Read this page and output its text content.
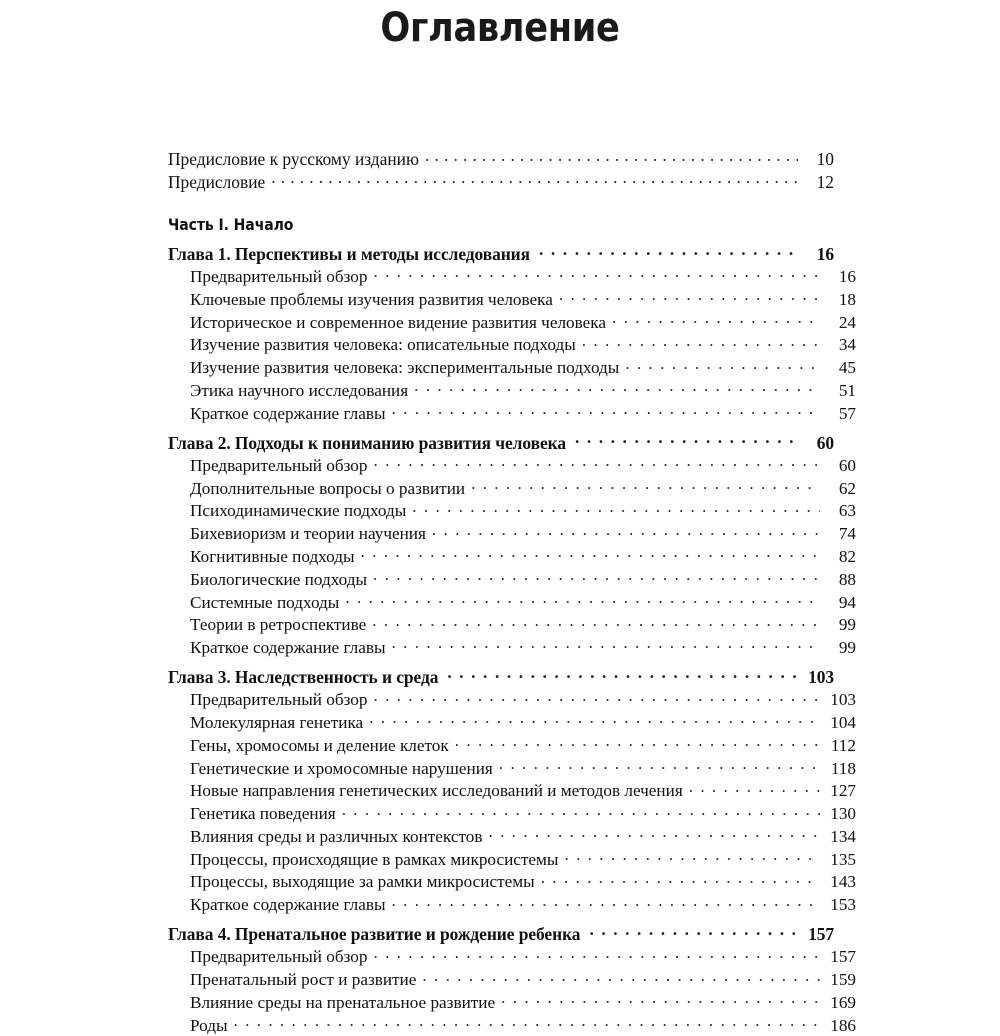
Оглавление
Предисловие к русскому изданию . . .	10
Предисловие . . .	12
Часть I. Начало
Глава 1. Перспективы и методы исследования . . .	16
Предварительный обзор . . .	16
Ключевые проблемы изучения развития человека . . .	18
Историческое и современное видение развития человека . . .	24
Изучение развития человека: описательные подходы . . .	34
Изучение развития человека: экспериментальные подходы . . .	45
Этика научного исследования . . .	51
Краткое содержание главы . . .	57
Глава 2. Подходы к пониманию развития человека . . .	60
Предварительный обзор . . .	60
Дополнительные вопросы о развитии . . .	62
Психодинамические подходы . . .	63
Бихевиоризм и теории научения . . .	74
Когнитивные подходы . . .	82
Биологические подходы . . .	88
Системные подходы . . .	94
Теории в ретроспективе . . .	99
Краткое содержание главы . . .	99
Глава 3. Наследственность и среда . . .	103
Предварительный обзор . . .	103
Молекулярная генетика . . .	104
Гены, хромосомы и деление клеток . . .	112
Генетические и хромосомные нарушения . . .	118
Новые направления генетических исследований и методов лечения . . .	127
Генетика поведения . . .	130
Влияния среды и различных контекстов . . .	134
Процессы, происходящие в рамках микросистемы . . .	135
Процессы, выходящие за рамки микросистемы . . .	143
Краткое содержание главы . . .	153
Глава 4. Пренатальное развитие и рождение ребенка . . .	157
Предварительный обзор . . .	157
Пренатальный рост и развитие . . .	159
Влияние среды на пренатальное развитие . . .	169
Роды . . .	186
